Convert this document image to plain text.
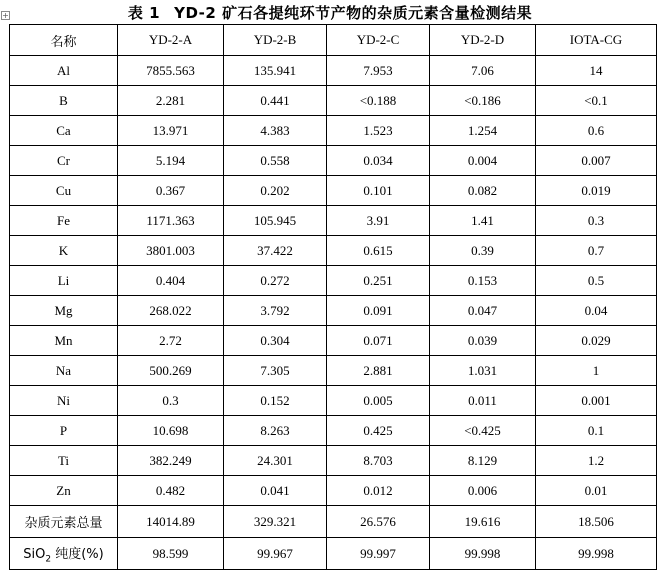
+	表 1 YD-2 矿石各提纯环节产物的杂质元素含量检测结果
名称	YD-2-A	YD-2-B	YD-2-C	YD-2-D	IOTA-CG
Al	7855.563	135.941	7.953	7.06	14
B	2.281	0.441	<0.188	<0.186	<0.1
Ca	13.971	4.383	1.523	1.254	0.6
Cr	5.194	0.558	0.034	0.004	0.007
Cu	0.367	0.202	0.101	0.082	0.019
Fe	1171.363	105.945	3.91	1.41	0.3
K	3801.003	37.422	0.615	0.39	0.7
Li	0.404	0.272	0.251	0.153	0.5
Mg	268.022	3.792	0.091	0.047	0.04
Mn	2.72	0.304	0.071	0.039	0.029
Na	500.269	7.305	2.881	1.031	1
Ni	0.3	0.152	0.005	0.011	0.001
P	10.698	8.263	0.425	<0.425	0.1
Ti	382.249	24.301	8.703	8.129	1.2
Zn	0.482	0.041	0.012	0.006	0.01
杂质元素总量	14014.89	329.321	26.576	19.616	18.506
SiO$_2$ 纯度(%)	98.599	99.967	99.997	99.998	99.998
